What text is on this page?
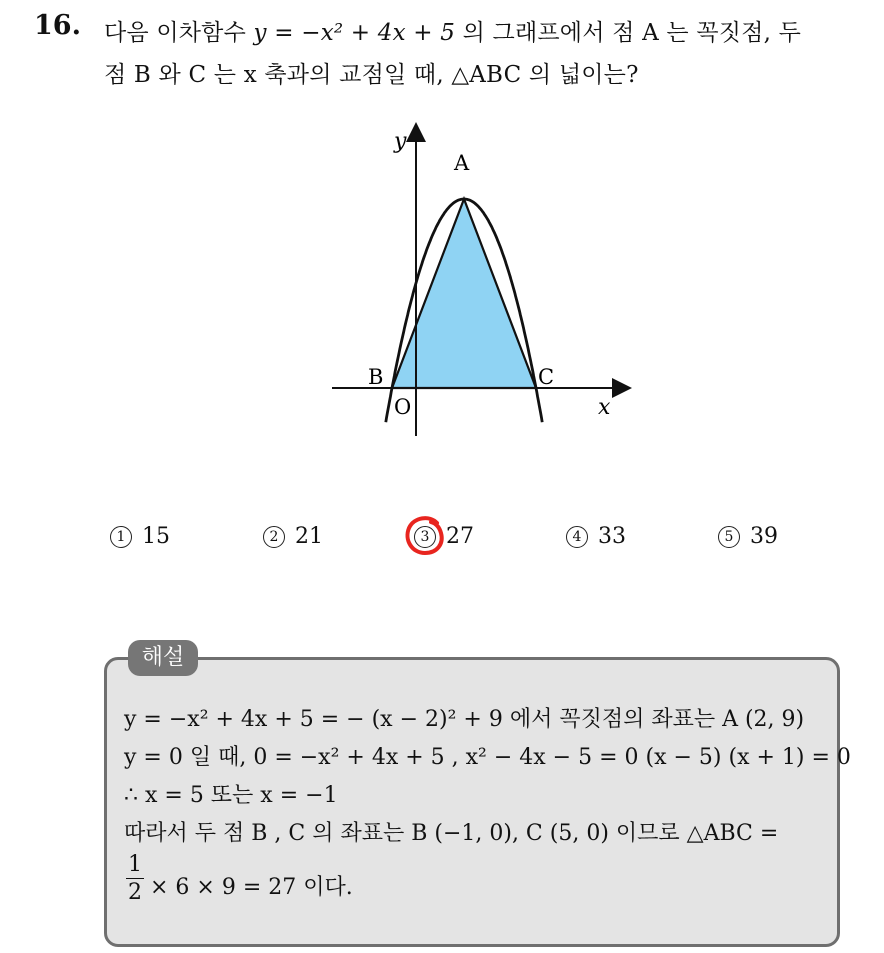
16. 다음 이차함수 y = −x² + 4x + 5 의 그래프에서 점 A 는 꼭짓점, 두
점 B 와 C 는 x 축과의 교점일 때, △ABC 의 넓이는?
y
x
A
B	C
O
1 15	2 21	3 27	4 33	5 39
해설
y = −x² + 4x + 5 = − (x − 2)² + 9 에서 꼭짓점의 좌표는 A (2, 9)
y = 0 일 때, 0 = −x² + 4x + 5 , x² − 4x − 5 = 0 (x − 5) (x + 1) = 0
∴ x = 5 또는 x = −1
따라서 두 점 B , C 의 좌표는 B (−1, 0), C (5, 0) 이므로 △ABC =
$\frac{1}{2} \times 6 \times 9 = 27$ 이다.
